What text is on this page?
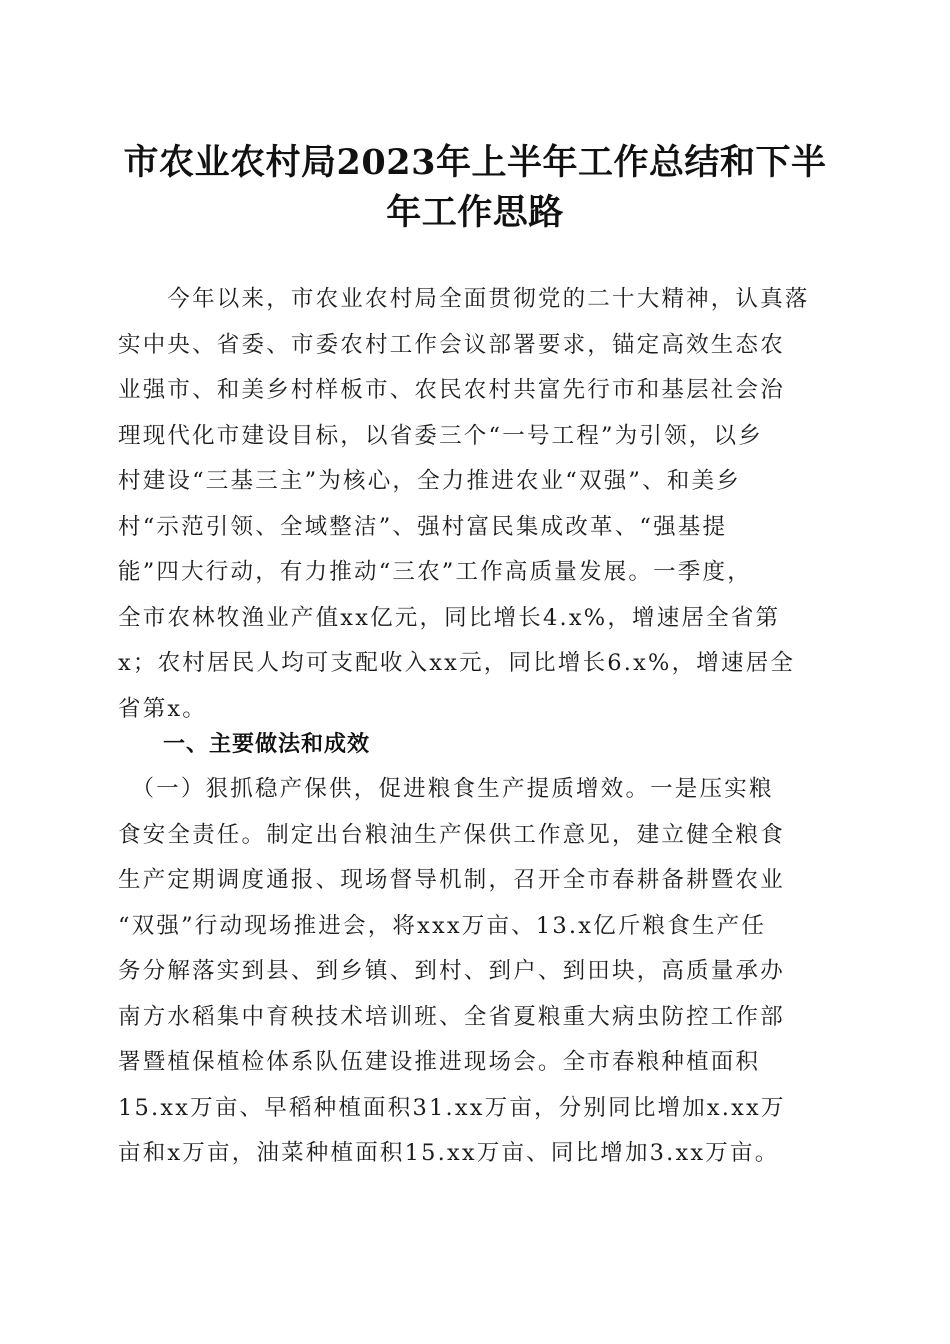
市农业农村局2023年上半年工作总结和下半
年工作思路
　　今年以来，市农业农村局全面贯彻党的二十大精神，认真落
实中央、省委、市委农村工作会议部署要求，锚定高效生态农
业强市、和美乡村样板市、农民农村共富先行市和基层社会治
理现代化市建设目标，以省委三个“一号工程”为引领，以乡
村建设“三基三主”为核心，全力推进农业“双强”、和美乡
村“示范引领、全域整洁”、强村富民集成改革、“强基提
能”四大行动，有力推动“三农”工作高质量发展。一季度，
全市农林牧渔业产值xx亿元，同比增长4.x%，增速居全省第
x；农村居民人均可支配收入xx元，同比增长6.x%，增速居全
省第x。
一、主要做法和成效
　（一）狠抓稳产保供，促进粮食生产提质增效。一是压实粮
食安全责任。制定出台粮油生产保供工作意见，建立健全粮食
生产定期调度通报、现场督导机制，召开全市春耕备耕暨农业
“双强”行动现场推进会，将xxx万亩、13.x亿斤粮食生产任
务分解落实到县、到乡镇、到村、到户、到田块，高质量承办
南方水稻集中育秧技术培训班、全省夏粮重大病虫防控工作部
署暨植保植检体系队伍建设推进现场会。全市春粮种植面积
15.xx万亩、早稻种植面积31.xx万亩，分别同比增加x.xx万
亩和x万亩，油菜种植面积15.xx万亩、同比增加3.xx万亩。
